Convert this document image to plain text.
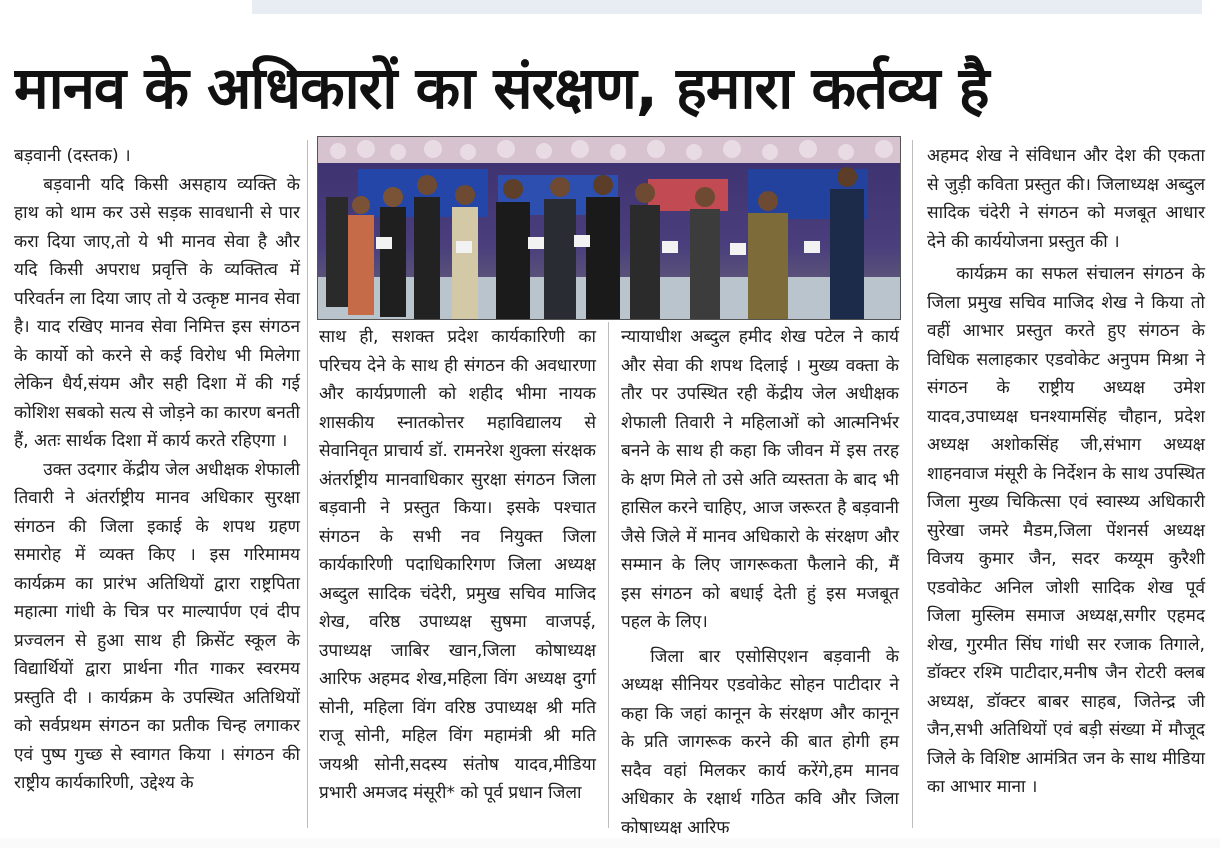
मानव के अधिकारों का संरक्षण, हमारा कर्तव्य है

बड़वानी (दस्तक) ।

बड़वानी यदि किसी असहाय व्यक्ति के हाथ को थाम कर उसे सड़क सावधानी से पार करा दिया जाए,तो ये भी मानव सेवा है और यदि किसी अपराध प्रवृत्ति के व्यक्तित्व में परिवर्तन ला दिया जाए तो ये उत्कृष्ट मानव सेवा है। याद रखिए मानव सेवा निमित्त इस संगठन के कार्यो को करने से कई विरोध भी मिलेगा लेकिन धैर्य,संयम और सही दिशा में की गई कोशिश सबको सत्य से जोड़ने का कारण बनती हैं, अतः सार्थक दिशा में कार्य करते रहिएगा ।

उक्त उदगार केंद्रीय जेल अधीक्षक शेफाली तिवारी ने अंतर्राष्ट्रीय मानव अधिकार सुरक्षा संगठन की जिला इकाई के शपथ ग्रहण समारोह में व्यक्त किए । इस गरिमामय कार्यक्रम का प्रारंभ अतिथियों द्वारा राष्ट्रपिता महात्मा गांधी के चित्र पर माल्यार्पण एवं दीप प्रज्वलन से हुआ साथ ही क्रिसेंट स्कूल के विद्यार्थियों द्वारा प्रार्थना गीत गाकर स्वरमय प्रस्तुति दी । कार्यक्रम के उपस्थित अतिथियों को सर्वप्रथम संगठन का प्रतीक चिन्ह लगाकर एवं पुष्प गुच्छ से स्वागत किया । संगठन की राष्ट्रीय कार्यकारिणी, उद्देश्य के

साथ ही, सशक्त प्रदेश कार्यकारिणी का परिचय देने के साथ ही संगठन की अवधारणा और कार्यप्रणाली को शहीद भीमा नायक शासकीय स्नातकोत्तर महाविद्यालय से सेवानिवृत प्राचार्य डॉ. रामनरेश शुक्ला संरक्षक अंतर्राष्ट्रीय मानवाधिकार सुरक्षा संगठन जिला बड़वानी ने प्रस्तुत किया। इसके पश्चात संगठन के सभी नव नियुक्त जिला कार्यकारिणी पदाधिकारिगण जिला अध्यक्ष अब्दुल सादिक चंदेरी, प्रमुख सचिव माजिद शेख, वरिष्ठ उपाध्यक्ष सुषमा वाजपई, उपाध्यक्ष जाबिर खान,जिला कोषाध्यक्ष आरिफ अहमद शेख,महिला विंग अध्यक्ष दुर्गा सोनी, महिला विंग वरिष्ठ उपाध्यक्ष श्री मति राजू सोनी, महिल विंग महामंत्री श्री मति जयश्री सोनी,सदस्य संतोष यादव,मीडिया प्रभारी अमजद मंसूरी* को पूर्व प्रधान जिला

न्यायाधीश अब्दुल हमीद शेख पटेल ने कार्य और सेवा की शपथ दिलाई । मुख्य वक्ता के तौर पर उपस्थित रही केंद्रीय जेल अधीक्षक शेफाली तिवारी ने महिलाओं को आत्मनिर्भर बनने के साथ ही कहा कि जीवन में इस तरह के क्षण मिले तो उसे अति व्यस्तता के बाद भी हासिल करने चाहिए, आज जरूरत है बड़वानी जैसे जिले में मानव अधिकारो के संरक्षण और सम्मान के लिए जागरूकता फैलाने की, मैं इस संगठन को बधाई देती हुं इस मजबूत पहल के लिए।

जिला बार एसोसिएशन बड़वानी के अध्यक्ष सीनियर एडवोकेट सोहन पाटीदार ने कहा कि जहां कानून के संरक्षण और कानून के प्रति जागरूक करने की बात होगी हम सदैव वहां मिलकर कार्य करेंगे,हम मानव अधिकार के रक्षार्थ गठित कवि और जिला कोषाध्यक्ष आरिफ

अहमद शेख ने संविधान और देश की एकता से जुड़ी कविता प्रस्तुत की। जिलाध्यक्ष अब्दुल सादिक चंदेरी ने संगठन को मजबूत आधार देने की कार्ययोजना प्रस्तुत की ।

कार्यक्रम का सफल संचालन संगठन के जिला प्रमुख सचिव माजिद शेख ने किया तो वहीं आभार प्रस्तुत करते हुए संगठन के विधिक सलाहकार एडवोकेट अनुपम मिश्रा ने संगठन के राष्ट्रीय अध्यक्ष उमेश यादव,उपाध्यक्ष घनश्यामसिंह चौहान, प्रदेश अध्यक्ष अशोकसिंह जी,संभाग अध्यक्ष शाहनवाज मंसूरी के निर्देशन के साथ उपस्थित जिला मुख्य चिकित्सा एवं स्वास्थ्य अधिकारी सुरेखा जमरे मैडम,जिला पेंशनर्स अध्यक्ष विजय कुमार जैन, सदर कय्यूम कुरैशी एडवोकेट अनिल जोशी सादिक शेख पूर्व जिला मुस्लिम समाज अध्यक्ष,सगीर एहमद शेख, गुरमीत सिंघ गांधी सर रजाक तिगाले, डॉक्टर रश्मि पाटीदार,मनीष जैन रोटरी क्लब अध्यक्ष, डॉक्टर बाबर साहब, जितेन्द्र जी जैन,सभी अतिथियों एवं बड़ी संख्या में मौजूद जिले के विशिष्ट आमंत्रित जन के साथ मीडिया का आभार माना ।
